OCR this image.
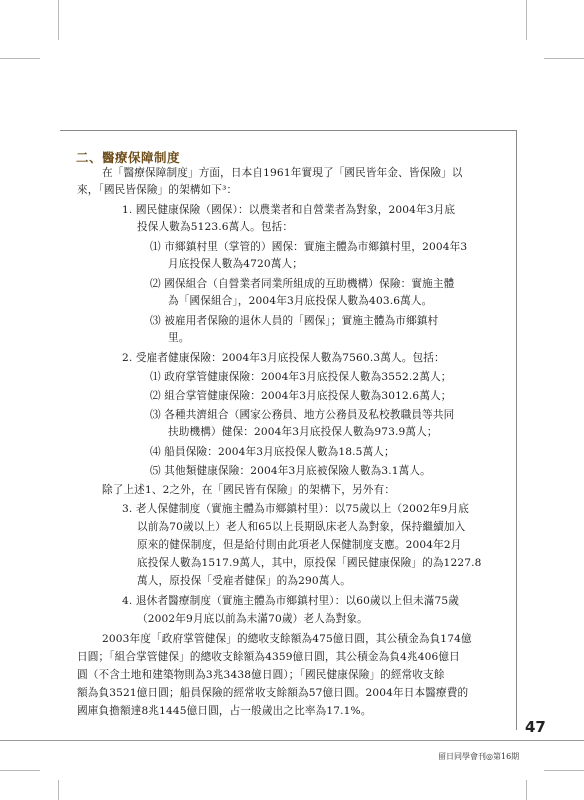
二、醫療保障制度
在「醫療保障制度」方面，日本自1961年實現了「國民皆年金、皆保險」以
來，「國民皆保險」的架構如下³：
1. 國民健康保險（國保）：以農業者和自營業者為對象，2004年3月底
投保人數為5123.6萬人。包括：
⑴ 市鄉鎮村里（掌管的）國保：實施主體為市鄉鎮村里，2004年3
月底投保人數為4720萬人；
⑵ 國保組合（自營業者同業所組成的互助機構）保險：實施主體
為「國保組合」，2004年3月底投保人數為403.6萬人。
⑶ 被雇用者保險的退休人員的「國保」；實施主體為市鄉鎮村
里。
2. 受雇者健康保險：2004年3月底投保人數為7560.3萬人。包括：
⑴ 政府掌管健康保險：2004年3月底投保人數為3552.2萬人；
⑵ 組合掌管健康保險：2004年3月底投保人數為3012.6萬人；
⑶ 各種共濟組合（國家公務員、地方公務員及私校教職員等共同
扶助機構）健保：2004年3月底投保人數為973.9萬人；
⑷ 船員保險：2004年3月底投保人數為18.5萬人；
⑸ 其他類健康保險：2004年3月底被保險人數為3.1萬人。
除了上述1、2之外，在「國民皆有保險」的架構下，另外有：
3. 老人保健制度（實施主體為市鄉鎮村里）：以75歲以上（2002年9月底
以前為70歲以上）老人和65以上長期臥床老人為對象，保持繼續加入
原來的健保制度，但是給付則由此項老人保健制度支應。2004年2月
底投保人數為1517.9萬人，其中，原投保「國民健康保險」的為1227.8
萬人，原投保「受雇者健保」的為290萬人。
4. 退休者醫療制度（實施主體為市鄉鎮村里）：以60歲以上但未滿75歲
（2002年9月底以前為未滿70歲）老人為對象。
2003年度「政府掌管健保」的總收支餘額為475億日圓，其公積金為負174億
日圓；「組合掌管健保」的總收支餘額為4359億日圓，其公積金為負4兆406億日
圓（不含土地和建築物則為3兆3438億日圓）；「國民健康保險」的經常收支餘
額為負3521億日圓；船員保險的經常收支餘額為57億日圓。2004年日本醫療費的
國庫負擔額達8兆1445億日圓，占一般歲出之比率為17.1%。
47
留日同學會刊◎第16期
